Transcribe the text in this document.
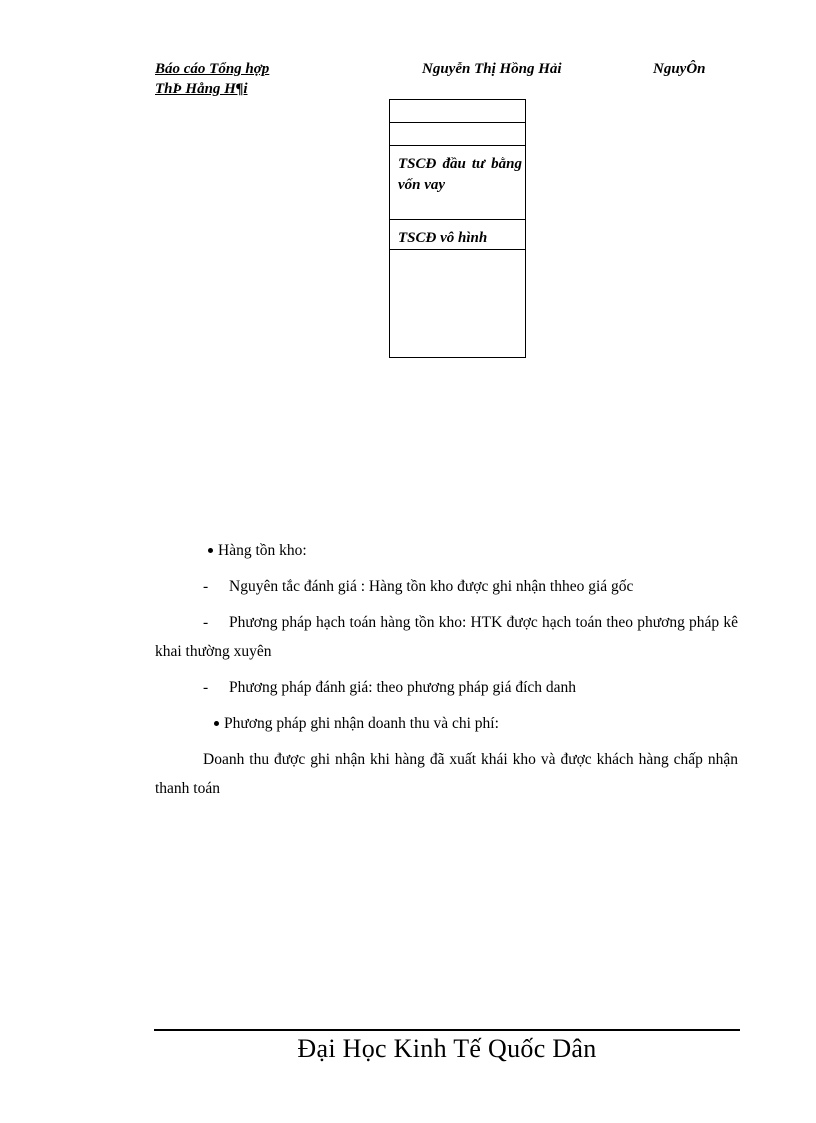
Báo cáo Tổng hợp	Nguyễn Thị Hồng Hải	NguyÔn
ThÞ Hång H¶i
TSCĐ đầu tư bằng vốn vay
TSCĐ vô hình
Hàng tồn kho:
- Nguyên tắc đánh giá : Hàng tồn kho được ghi nhận thheo giá gốc
- Phương pháp hạch toán hàng tồn kho: HTK được hạch toán theo phương pháp kê khai thường xuyên
- Phương pháp đánh giá: theo phương pháp giá đích danh
Phương pháp ghi nhận doanh thu và chi phí:
Doanh thu được ghi nhận khi hàng đã xuất khái kho và được khách hàng chấp nhận thanh toán
Đại Học Kinh Tế Quốc Dân
